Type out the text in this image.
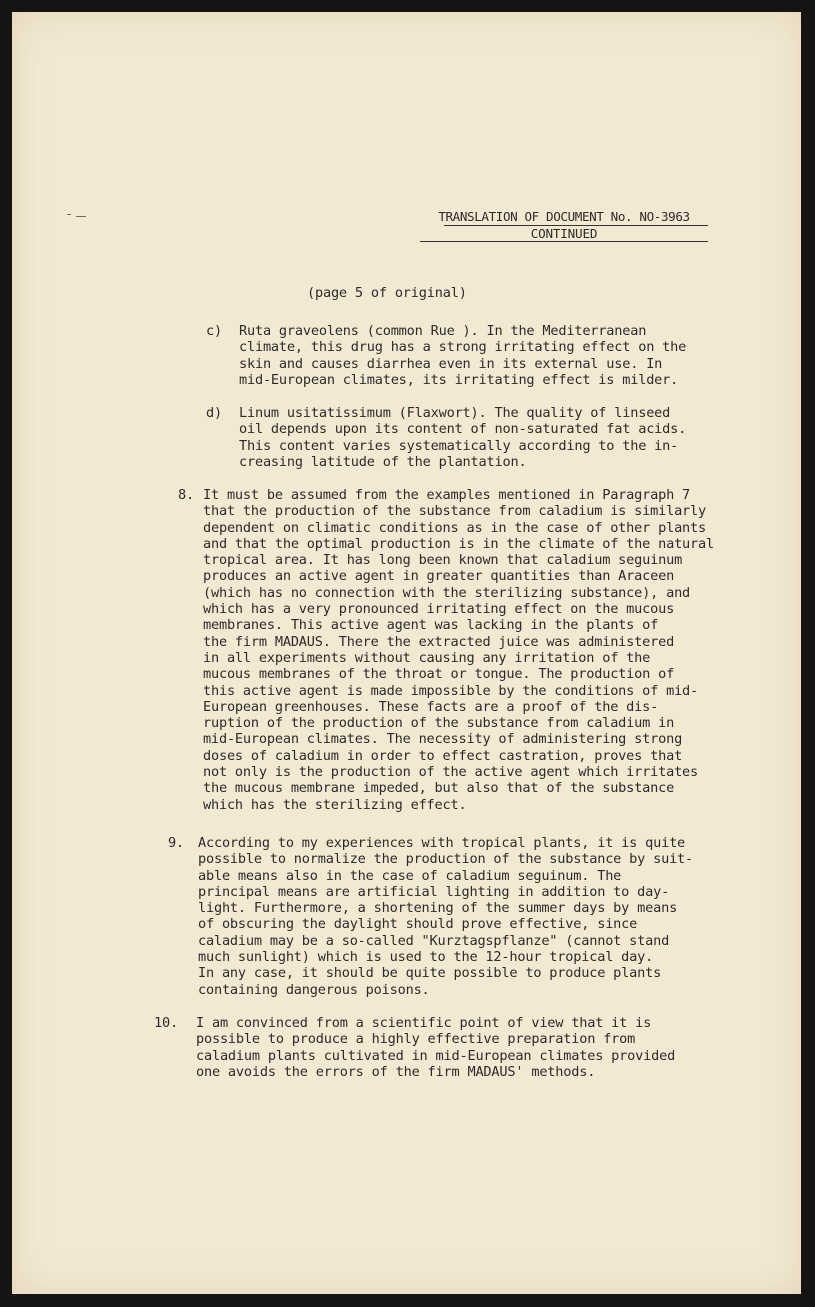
TRANSLATION OF DOCUMENT No. NO-3963
CONTINUED
(page 5 of original)
c) Ruta graveolens (common Rue ). In the Mediterranean
climate, this drug has a strong irritating effect on the
skin and causes diarrhea even in its external use. In
mid-European climates, its irritating effect is milder.
d) Linum usitatissimum (Flaxwort). The quality of linseed
oil depends upon its content of non-saturated fat acids.
This content varies systematically according to the in-
creasing latitude of the plantation.
8. It must be assumed from the examples mentioned in Paragraph 7
that the production of the substance from caladium is similarly
dependent on climatic conditions as in the case of other plants
and that the optimal production is in the climate of the natural
tropical area. It has long been known that caladium seguinum
produces an active agent in greater quantities than Araceen
(which has no connection with the sterilizing substance), and
which has a very pronounced irritating effect on the mucous
membranes. This active agent was lacking in the plants of
the firm MADAUS. There the extracted juice was administered
in all experiments without causing any irritation of the
mucous membranes of the throat or tongue. The production of
this active agent is made impossible by the conditions of mid-
European greenhouses. These facts are a proof of the dis-
ruption of the production of the substance from caladium in
mid-European climates. The necessity of administering strong
doses of caladium in order to effect castration, proves that
not only is the production of the active agent which irritates
the mucous membrane impeded, but also that of the substance
which has the sterilizing effect.
9. According to my experiences with tropical plants, it is quite
possible to normalize the production of the substance by suit-
able means also in the case of caladium seguinum. The
principal means are artificial lighting in addition to day-
light. Furthermore, a shortening of the summer days by means
of obscuring the daylight should prove effective, since
caladium may be a so-called "Kurztagspflanze" (cannot stand
much sunlight) which is used to the 12-hour tropical day.
In any case, it should be quite possible to produce plants
containing dangerous poisons.
10. I am convinced from a scientific point of view that it is
possible to produce a highly effective preparation from
caladium plants cultivated in mid-European climates provided
one avoids the errors of the firm MADAUS' methods.
